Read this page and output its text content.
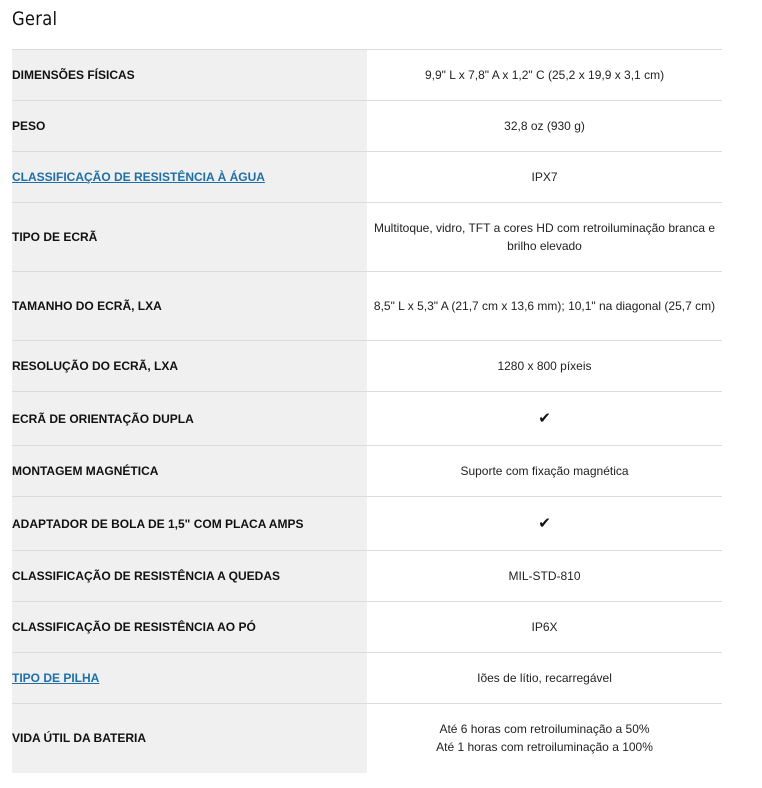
Geral
DIMENSÕES FÍSICAS	9,9" L x 7,8" A x 1,2" C (25,2 x 19,9 x 3,1 cm)
PESO	32,8 oz (930 g)
CLASSIFICAÇÃO DE RESISTÊNCIA À ÁGUA	IPX7
TIPO DE ECRÃ	Multitoque, vidro, TFT a cores HD com retroiluminação branca e brilho elevado
TAMANHO DO ECRÃ, LXA	8,5" L x 5,3" A (21,7 cm x 13,6 mm); 10,1" na diagonal (25,7 cm)
RESOLUÇÃO DO ECRÃ, LXA	1280 x 800 píxeis
ECRÃ DE ORIENTAÇÃO DUPLA	✔
MONTAGEM MAGNÉTICA	Suporte com fixação magnética
ADAPTADOR DE BOLA DE 1,5" COM PLACA AMPS	✔
CLASSIFICAÇÃO DE RESISTÊNCIA A QUEDAS	MIL-STD-810
CLASSIFICAÇÃO DE RESISTÊNCIA AO PÓ	IP6X
TIPO DE PILHA	Iões de lítio, recarregável
VIDA ÚTIL DA BATERIA	Até 6 horas com retroiluminação a 50%
Até 1 horas com retroiluminação a 100%
